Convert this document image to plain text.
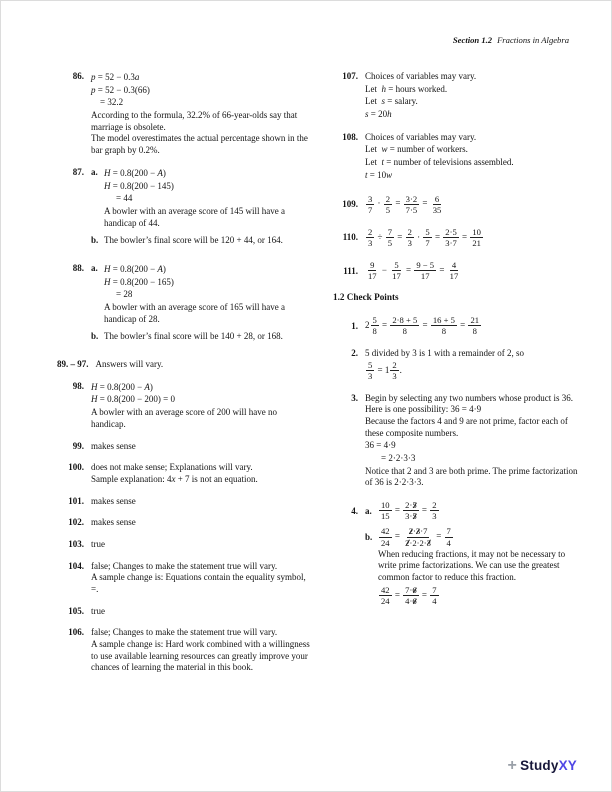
Section 1.2 Fractions in Algebra
86. p = 52 − 0.3 a
p = 52 − 0.3(66)
= 32.2
According to the formula, 32.2% of 66-year-olds say that marriage is obsolete.
The model overestimates the actual percentage shown in the bar graph by 0.2%.
87. a. H = 0.8(200 − A )
H = 0.8(200 − 145)
= 44
A bowler with an average score of 145 will have a handicap of 44.
b. The bowler’s final score will be 120 + 44, or 164.
88. a. H = 0.8(200 − A )
H = 0.8(200 − 165)
= 28
A bowler with an average score of 165 will have a handicap of 28.
b. The bowler’s final score will be 140 + 28, or 168.
89. – 97. Answers will vary.
98. H = 0.8(200 − A )
H = 0.8(200 − 200) = 0
A bowler with an average score of 200 will have no handicap.
99. makes sense
100. does not make sense; Explanations will vary.
Sample explanation: 4x + 7 is not an equation.
101. makes sense
102. makes sense
103. true
104. false; Changes to make the statement true will vary.
A sample change is: Equations contain the equality symbol, =.
105. true
106. false; Changes to make the statement true will vary.
A sample change is: Hard work combined with a willingness to use available learning resources can greatly improve your chances of learning the material in this book.
107. Choices of variables may vary.
Let h = hours worked.
Let s = salary.
s = 20 h
108. Choices of variables may vary.
Let w = number of workers.
Let t = number of televisions assembled.
t = 10 w
109. $\frac{3}{7} \cdot \frac{2}{5} = \frac{3\cdot 2}{7\cdot 5} = \frac{6}{35}$
110. $\frac{2}{3} \div \frac{7}{5} = \frac{2}{3} \cdot \frac{5}{7} = \frac{2\cdot 5}{3\cdot 7} = \frac{10}{21}$
111. $\frac{9}{17} - \frac{5}{17} = \frac{9 - 5}{17} = \frac{4}{17}$
1.2 Check Points
1. $2 \frac{5}{8} = \frac{2\cdot 8 + 5}{8} = \frac{16 + 5}{8} = \frac{21}{8}$
2. 5 divided by 3 is 1 with a remainder of 2, so
$\frac{5}{3} = 1 \frac{2}{3}$ .
3. Begin by selecting any two numbers whose product is 36.
Here is one possibility: 36 = 4·9
Because the factors 4 and 9 are not prime, factor each of these composite numbers.
36 = 4·9
= 2·2·3·3
Notice that 2 and 3 are both prime. The prime factorization of 36 is 2·2·3·3.
4. a. $\frac{10}{15} = \frac{2\cdot 5}{3\cdot 5} = \frac{2}{3}$
b. $\frac{42}{24} = \frac{2\cdot 3\cdot 7}{2\cdot 2\cdot 2\cdot 3} = \frac{7}{4}$
When reducing fractions, it may not be necessary to write prime factorizations. We can use the greatest common factor to reduce this fraction.
$\frac{42}{24} = \frac{7\cdot 6}{4\cdot 6} = \frac{7}{4}$
+ Study XY
